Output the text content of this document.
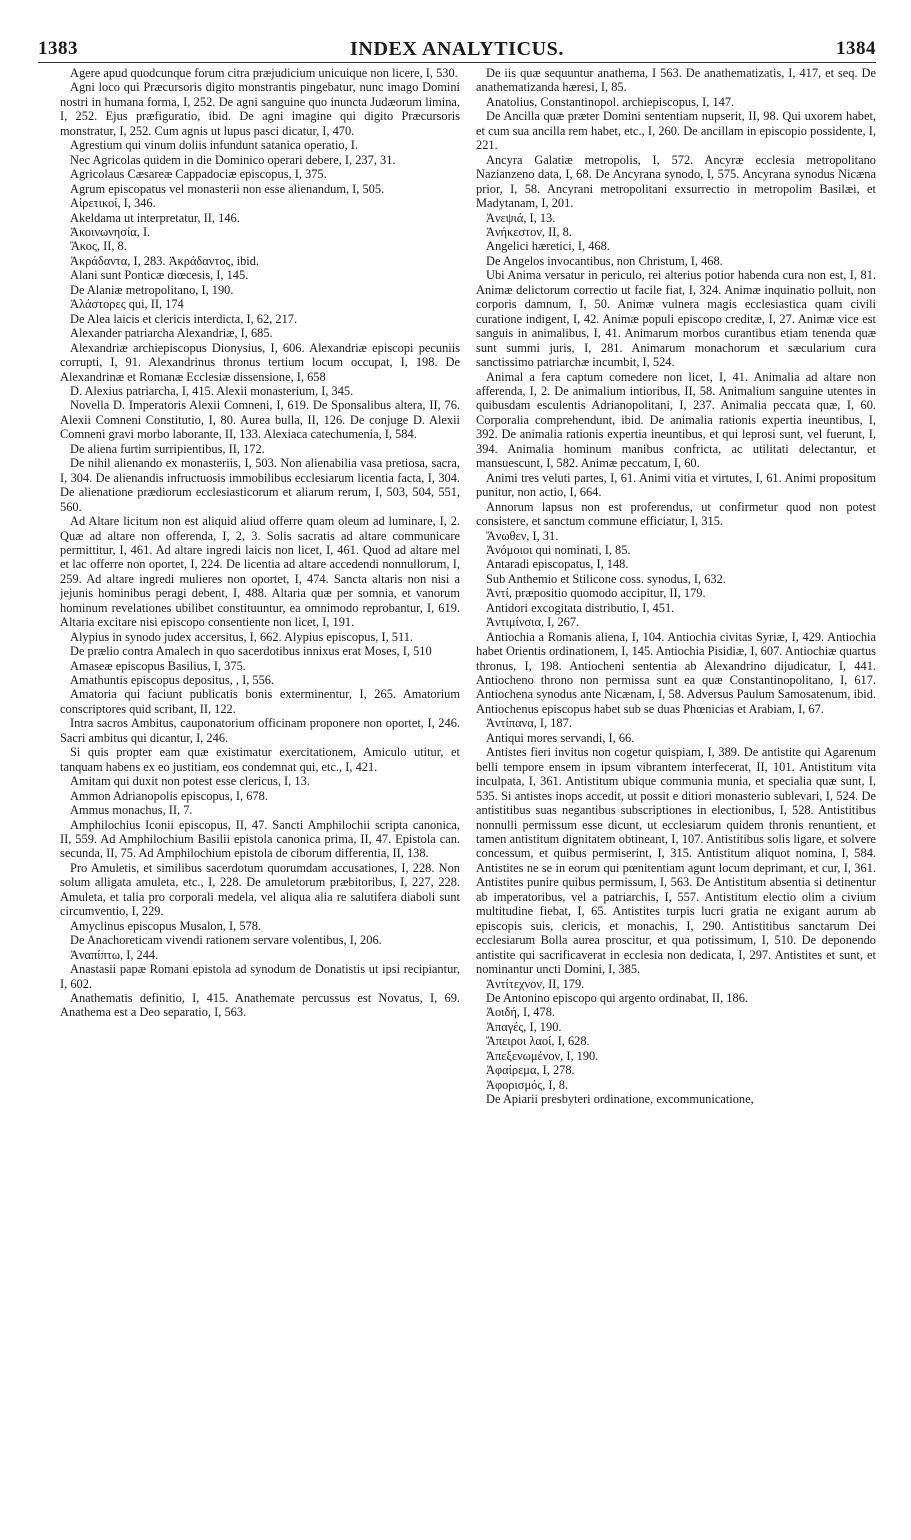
1383	INDEX ANALYTICUS.	1384

Agere apud quodcunque forum citra præjudicium unicuique non licere, I, 530.

Agni loco qui Præcursoris digito monstrantis pingebatur, nunc imago Domini nostri in humana forma, I, 252. De agni sanguine quo inuncta Judæorum limina, I, 252. Ejus præfiguratio, ibid. De agni imagine qui digito Præcursoris monstratur, I, 252. Cum agnis ut lupus pasci dicatur, I, 470.

Agrestium qui vinum doliis infundunt satanica operatio, I.

Nec Agricolas quidem in die Dominico operari debere, I, 237, 31.

Agricolaus Cæsareæ Cappadociæ episcopus, I, 375.

Agrum episcopatus vel monasterii non esse alienandum, I, 505.

Αἱρετικοί, I, 346.

Akeldama ut interpretatur, II, 146.

Ἀκοινωνησία, I.

Ἄκος, II, 8.

Ἀκράδαντα, I, 283. Ἀκράδαντος, ibid.

Alani sunt Ponticæ diœcesis, I, 145.

De Alaniæ metropolitano, I, 190.

Ἀλάστορες qui, II, 174

De Alea laicis et clericis interdicta, I, 62, 217.

Alexander patriarcha Alexandriæ, I, 685.

Alexandriæ archiepiscopus Dionysius, I, 606. Alexandriæ episcopi pecuniis corrupti, I, 91. Alexandrinus thronus tertium locum occupat, I, 198. De Alexandrinæ et Romanæ Ecclesiæ dissensione, I, 658

D. Alexius patriarcha, I, 415. Alexii monasterium, I, 345.

Novella D. Imperatoris Alexii Comneni, I, 619. De Sponsalibus altera, II, 76. Alexii Comneni Constitutio, I, 80. Aurea bulla, II, 126. De conjuge D. Alexii Comneni gravi morbo laborante, II, 133. Alexiaca catechumenia, I, 584.

De aliena furtim surripientibus, II, 172.

De nihil alienando ex monasteriis, I, 503. Non alienabilia vasa pretiosa, sacra, I, 304. De alienandis infructuosis immobilibus ecclesiarum licentia facta, I, 304. De alienatione prædiorum ecclesiasticorum et aliarum rerum, I, 503, 504, 551, 560.

Ad Altare licitum non est aliquid aliud offerre quam oleum ad luminare, I, 2. Quæ ad altare non offerenda, I, 2, 3. Solis sacratis ad altare communicare permittitur, I, 461. Ad altare ingredi laicis non licet, I, 461. Quod ad altare mel et lac offerre non oportet, I, 224. De licentia ad altare accedendi nonnullorum, I, 259. Ad altare ingredi mulieres non oportet, I, 474. Sancta altaris non nisi a jejunis hominibus peragi debent, I, 488. Altaria quæ per somnia, et vanorum hominum revelationes ubilibet constituuntur, ea omnimodo reprobantur, I, 619. Altaria excitare nisi episcopo consentiente non licet, I, 191.

Alypius in synodo judex accersitus, I, 662. Alypius episcopus, I, 511.

De prælio contra Amalech in quo sacerdotibus innixus erat Moses, I, 510

Amaseæ episcopus Basilius, I, 375.

Amathuntis episcopus depositus, , I, 556.

Amatoria qui faciunt publicatis bonis exterminentur, I, 265. Amatorium conscriptores quid scribant, II, 122.

Intra sacros Ambitus, cauponatorium officinam proponere non oportet, I, 246. Sacri ambitus qui dicantur, I, 246.

Si quis propter eam quæ existimatur exercitationem, Amiculo utitur, et tanquam habens ex eo justitiam, eos condemnat qui, etc., I, 421.

Amitam qui duxit non potest esse clericus, I, 13.

Ammon Adrianopolis episcopus, I, 678.

Ammus monachus, II, 7.

Amphilochius Iconii episcopus, II, 47. Sancti Amphilochii scripta canonica, II, 559. Ad Amphilochium Basilii epistola canonica prima, II, 47. Epistola can. secunda, II, 75. Ad Amphilochium epistola de ciborum differentia, II, 138.

Pro Amuletis, et similibus sacerdotum quorumdam accusationes, I, 228. Non solum alligata amuleta, etc., I, 228. De amuletorum præbitoribus, I, 227, 228. Amuleta, et talia pro corporali medela, vel aliqua alia re salutifera diaboli sunt circumventio, I, 229.

Amyclinus episcopus Musalon, I, 578.

De Anachoreticam vivendi rationem servare volentibus, I, 206.

Ἀναπίπτω, I, 244.

Anastasii papæ Romani epistola ad synodum de Donatistis ut ipsi recipiantur, I, 602.

Anathematis definitio, I, 415. Anathemate percussus est Novatus, I, 69. Anathema est a Deo separatio, I, 563.

De iis quæ sequuntur anathema, I 563. De anathematizatis, I, 417, et seq. De anathematizanda hæresi, I, 85.

Anatolius, Constantinopol. archiepiscopus, I, 147.

De Ancilla quæ præter Domini sententiam nupserit, II, 98. Qui uxorem habet, et cum sua ancilla rem habet, etc., I, 260. De ancillam in episcopio possidente, I, 221.

Ancyra Galatiæ metropolis, I, 572. Ancyræ ecclesia metropolitano Nazianzeno data, I, 68. De Ancyrana synodo, I, 575. Ancyrana synodus Nicæna prior, I, 58. Ancyrani metropolitani exsurrectio in metropolim Basilæi, et Madytanam, I, 201.

Ἀνεψιά, I, 13.

Ἀνήκεστον, II, 8.

Angelici hæretici, I, 468.

De Angelos invocantibus, non Christum, I, 468.

Ubi Anima versatur in periculo, rei alterius potior habenda cura non est, I, 81. Animæ delictorum correctio ut facile fiat, I, 324. Animæ inquinatio polluit, non corporis damnum, I, 50. Animæ vulnera magis ecclesiastica quam civili curatione indigent, I, 42. Animæ populi episcopo creditæ, I, 27. Animæ vice est sanguis in animalibus, I, 41. Animarum morbos curantibus etiam tenenda quæ sunt summi juris, I, 281. Animarum monachorum et sæcularium cura sanctissimo patriarchæ incumbit, I, 524.

Animal a fera captum comedere non licet, I, 41. Animalia ad altare non afferenda, I, 2. De animalium intioribus, II, 58. Animalium sanguine utentes in quibusdam esculentis Adrianopolitani, I, 237. Animalia peccata quæ, I, 60. Corporalia comprehendunt, ibid. De animalia rationis expertia ineuntibus, I, 392. De animalia rationis expertia ineuntibus, et qui leprosi sunt, vel fuerunt, I, 394. Animalia hominum manibus confricta, ac utilitati delectantur, et mansuescunt, I, 582. Animæ peccatum, I, 60.

Animi tres veluti partes, I, 61. Animi vitia et virtutes, I, 61. Animi propositum punitur, non actio, I, 664.

Annorum lapsus non est proferendus, ut confirmetur quod non potest consistere, et sanctum commune efficiatur, I, 315.

Ἄνωθεν, I, 31.

Ἀνόμοιοι qui nominati, I, 85.

Antaradi episcopatus, I, 148.

Sub Anthemio et Stilicone coss. synodus, I, 632.

Ἀντί, præpositio quomodo accipitur, II, 179.

Antidori excogitata distributio, I, 451.

Ἀντιμίνσια, I, 267.

Antiochia a Romanis aliena, I, 104. Antiochia civitas Syriæ, I, 429. Antiochia habet Orientis ordinationem, I, 145. Antiochia Pisidiæ, I, 607. Antiochiæ quartus thronus, I, 198. Antiocheni sententia ab Alexandrino dijudicatur, I, 441. Antiocheno throno non permissa sunt ea quæ Constantinopolitano, I, 617. Antiochena synodus ante Nicænam, I, 58. Adversus Paulum Samosatenum, ibid. Antiochenus episcopus habet sub se duas Phœnicias et Arabiam, I, 67.

Ἀντίπανα, I, 187.

Antiqui mores servandi, I, 66.

Antistes fieri invitus non cogetur quispiam, I, 389. De antistite qui Agarenum belli tempore ensem in ipsum vibrantem interfecerat, II, 101. Antistitum vita inculpata, I, 361. Antistitum ubique communia munia, et specialia quæ sunt, I, 535. Si antistes inops accedit, ut possit e ditiori monasterio sublevari, I, 524. De antistitibus suas negantibus subscriptiones in electionibus, I, 528. Antistitibus nonnulli permissum esse dicunt, ut ecclesiarum quidem thronis renuntient, et tamen antistitum dignitatem obtineant, I, 107. Antistitibus solis ligare, et solvere concessum, et quibus permiserint, I, 315. Antistitum aliquot nomina, I, 584. Antistites ne se in eorum qui pœnitentiam agunt locum deprimant, et cur, I, 361. Antistites punire quibus permissum, I, 563. De Antistitum absentia si detinentur ab imperatoribus, vel a patriarchis, I, 557. Antistitum electio olim a civium multitudine fiebat, I, 65. Antistites turpis lucri gratia ne exigant aurum ab episcopis suis, clericis, et monachis, I, 290. Antistitibus sanctarum Dei ecclesiarum Bolla aurea proscitur, et qua potissimum, I, 510. De deponendo antistite qui sacrificaverat in ecclesia non dedicata, I, 297. Antistites et sunt, et nominantur uncti Domini, I, 385.

Ἀντίτεχνον, II, 179.

De Antonino episcopo qui argento ordinabat, II, 186.

Ἀοιδή, I, 478.

Ἀπαγές, I, 190.

Ἄπειροι λαοί, I, 628.

Ἀπεξενωμένον, I, 190.

Ἀφαίρεμα, I, 278.

Ἀφορισμός, I, 8.

De Apiarii presbyteri ordinatione, excommunicatione,
